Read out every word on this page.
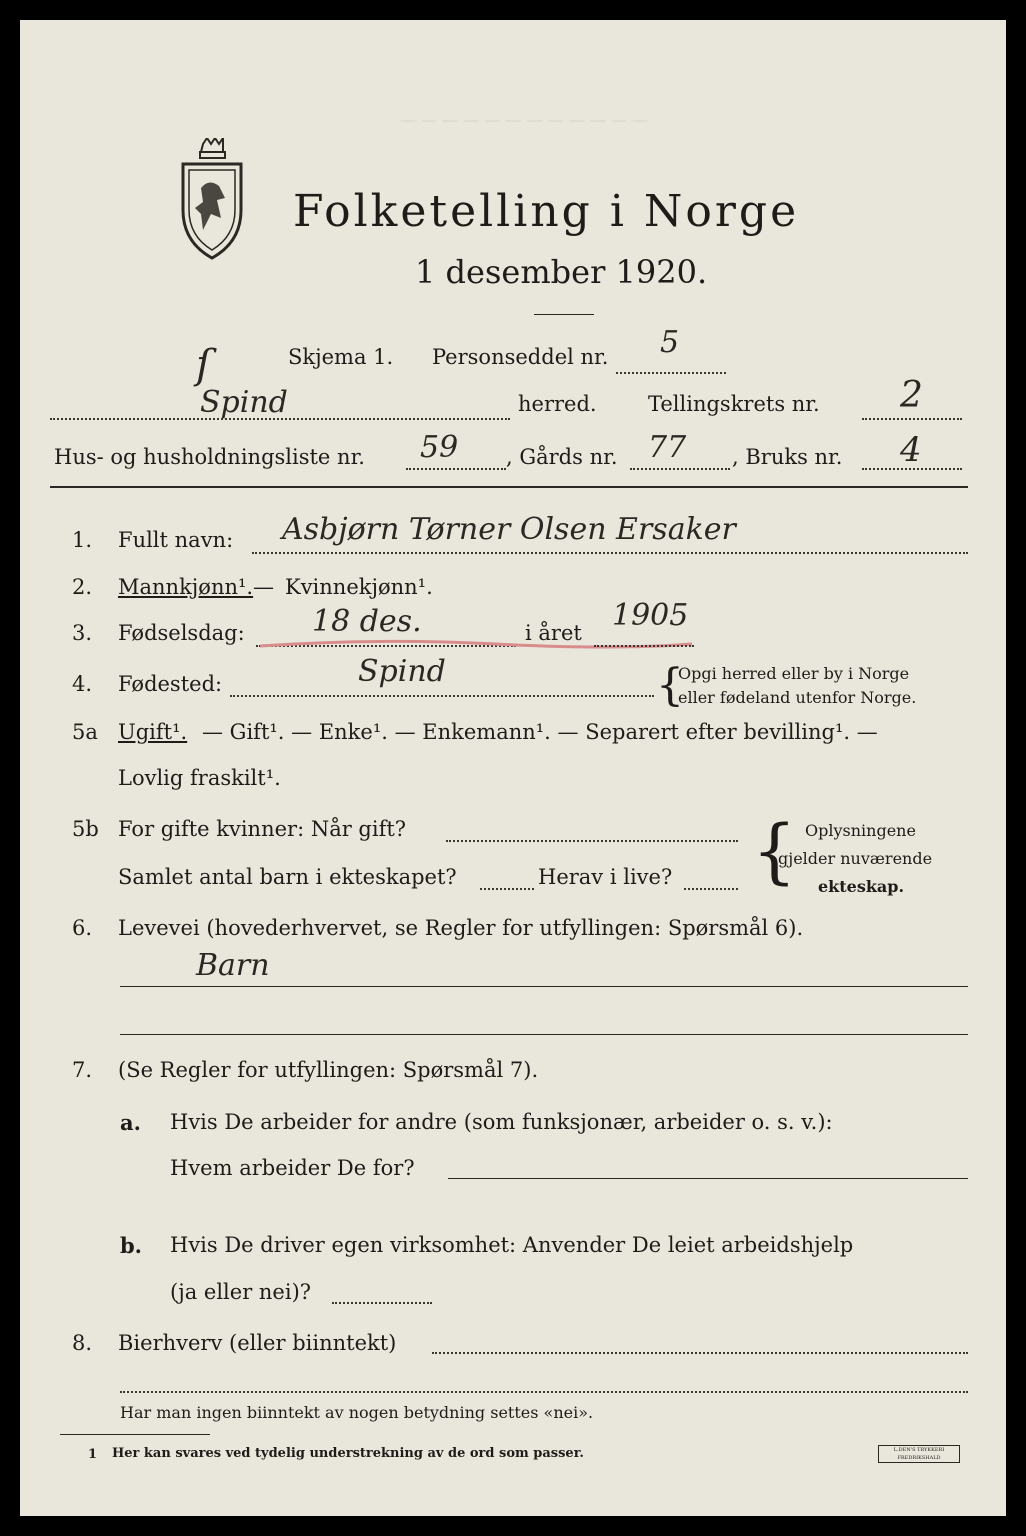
— — — — — — — — — — — —
Folketelling i Norge
1 desember 1920.
ſ	Skjema 1. Personseddel nr. 5
Spind	herred. Tellingskrets nr. 2
Hus- og husholdningsliste nr. 59 , Gårds nr. 77 , Bruks nr. 4
1. Fullt navn: Asbjørn Tørner Olsen Ersaker
2. Mannkjønn¹. — Kvinnekjønn¹.
3. Fødselsdag: 18 des.	i året 1905
4. Fødested:	Spind	{
Opgi herred eller by i Norge
eller fødeland utenfor Norge.
5a Ugift¹. — Gift¹. — Enke¹. — Enkemann¹. — Separert efter bevilling¹. —
Lovlig fraskilt¹.
5b For gifte kvinner: Når gift?
Samlet antal barn i ekteskapet?	Herav i live? { Oplysningene
gjelder nuværende
ekteskap.
6. Levevei (hovederhvervet, se Regler for utfyllingen: Spørsmål 6).
Barn
7. (Se Regler for utfyllingen: Spørsmål 7).
a. Hvis De arbeider for andre (som funksjonær, arbeider o. s. v.):
Hvem arbeider De for?
b. Hvis De driver egen virksomhet: Anvender De leiet arbeidshjelp
(ja eller nei)?
8. Bierhverv (eller biinntekt)
Har man ingen biinntekt av nogen betydning settes «nei».
1 Her kan svares ved tydelig understrekning av de ord som passer.	L.DEN'S TRYKKERI FREDRIKSHALD
